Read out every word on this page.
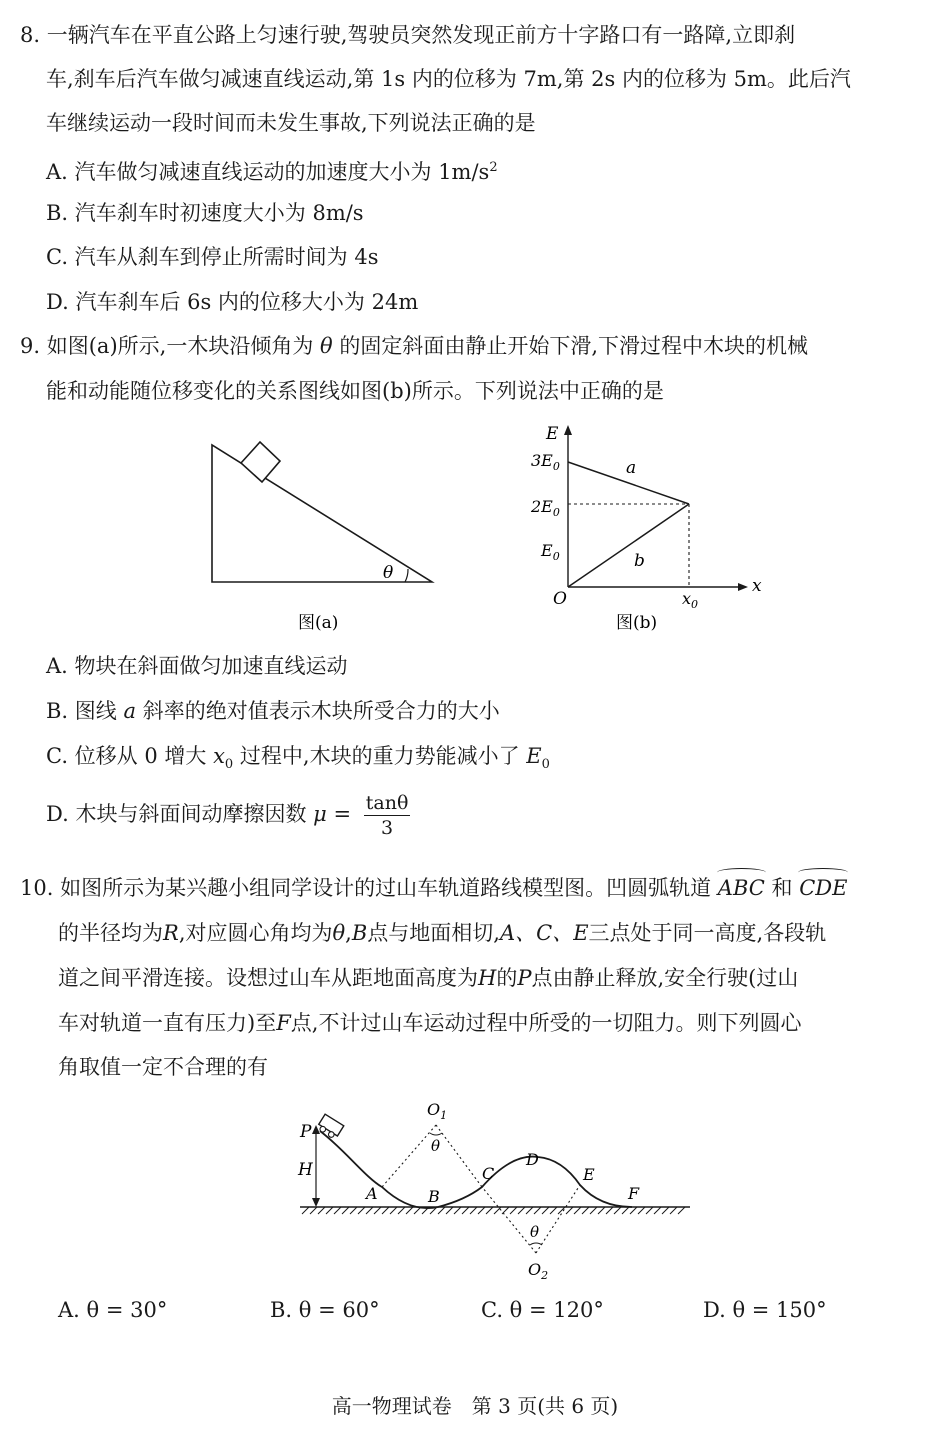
8. 一辆汽车在平直公路上匀速行驶,驾驶员突然发现正前方十字路口有一路障,立即刹
车,刹车后汽车做匀减速直线运动,第 1s 内的位移为 7m,第 2s 内的位移为 5m。此后汽
车继续运动一段时间而未发生事故,下列说法正确的是
A. 汽车做匀减速直线运动的加速度大小为 $1m/s^2$
B. 汽车刹车时初速度大小为 8m/s
C. 汽车从刹车到停止所需时间为 4s
D. 汽车刹车后 6s 内的位移大小为 24m
9. 如图(a)所示,一木块沿倾角为 θ 的固定斜面由静止开始下滑,下滑过程中木块的机械
能和动能随位移变化的关系图线如图(b)所示。下列说法中正确的是
θ
图(a)
E
x
O
$3E_0$
$2E_0$
$E_0$
$x_0$
a
b
图(b)
A. 物块在斜面做匀加速直线运动
B. 图线 a 斜率的绝对值表示木块所受合力的大小
C. 位移从 0 增大 $x_0$ 过程中,木块的重力势能减小了 $E_0$
D. 木块与斜面间动摩擦因数 $\mu = \frac{\tan\theta}{3}$
10. 如图所示为某兴趣小组同学设计的过山车轨道路线模型图。凹圆弧轨道 ABC 和 CDE
的半径均为R,对应圆心角均为θ,B点与地面相切,A、C、E三点处于同一高度,各段轨
道之间平滑连接。设想过山车从距地面高度为H的P点由静止释放,安全行驶(过山
车对轨道一直有压力)至F点,不计过山车运动过程中所受的一切阻力。则下列圆心
角取值一定不合理的有
P
H
A	B
C
D
E
F
$O_1$
$O_2$
θ
θ
A. θ = 30°	B. θ = 60°	C. θ = 120°	D. θ = 150°
高一物理试卷　第 3 页(共 6 页)
